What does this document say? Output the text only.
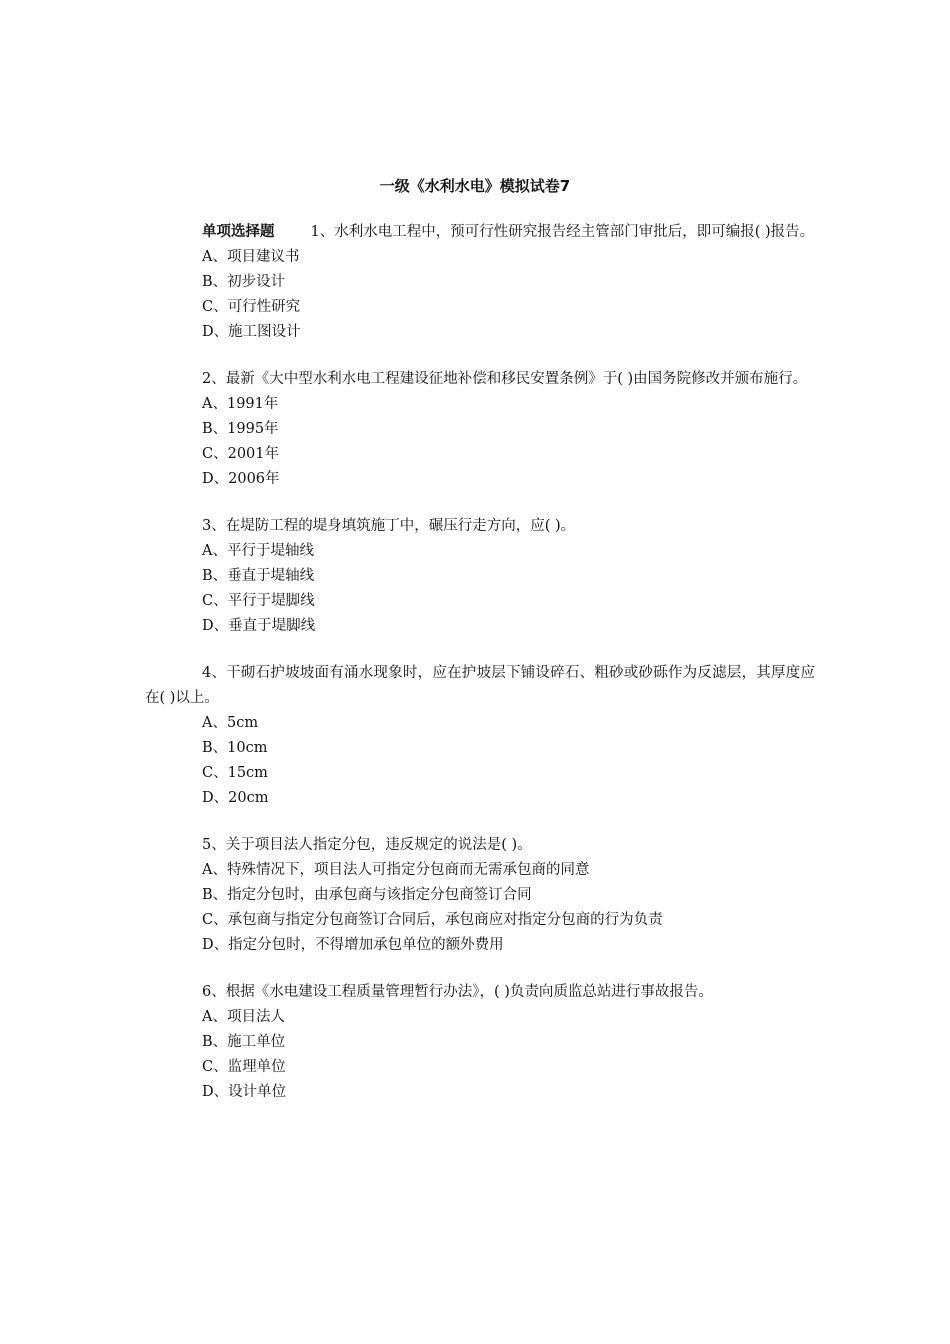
一级《水利水电》模拟试卷7

单项选择题 1、水利水电工程中，预可行性研究报告经主管部门审批后，即可编报( )报告。

A、项目建议书

B、初步设计

C、可行性研究

D、施工图设计

2、最新《大中型水利水电工程建设征地补偿和移民安置条例》于( )由国务院修改并颁布施行。

A、1991年

B、1995年

C、2001年

D、2006年

3、在堤防工程的堤身填筑施丁中，碾压行走方向，应( )。

A、平行于堤轴线

B、垂直于堤轴线

C、平行于堤脚线

D、垂直于堤脚线

4、干砌石护坡坡面有涌水现象时，应在护坡层下铺设碎石、粗砂或砂砾作为反滤层，其厚度应在( )以上。

A、5cm

B、10cm

C、15cm

D、20cm

5、关于项目法人指定分包，违反规定的说法是( )。

A、特殊情况下，项目法人可指定分包商而无需承包商的同意

B、指定分包时，由承包商与该指定分包商签订合同

C、承包商与指定分包商签订合同后，承包商应对指定分包商的行为负责

D、指定分包时，不得增加承包单位的额外费用

6、根据《水电建设工程质量管理暂行办法》，( )负责向质监总站进行事故报告。

A、项目法人

B、施工单位

C、监理单位

D、设计单位
